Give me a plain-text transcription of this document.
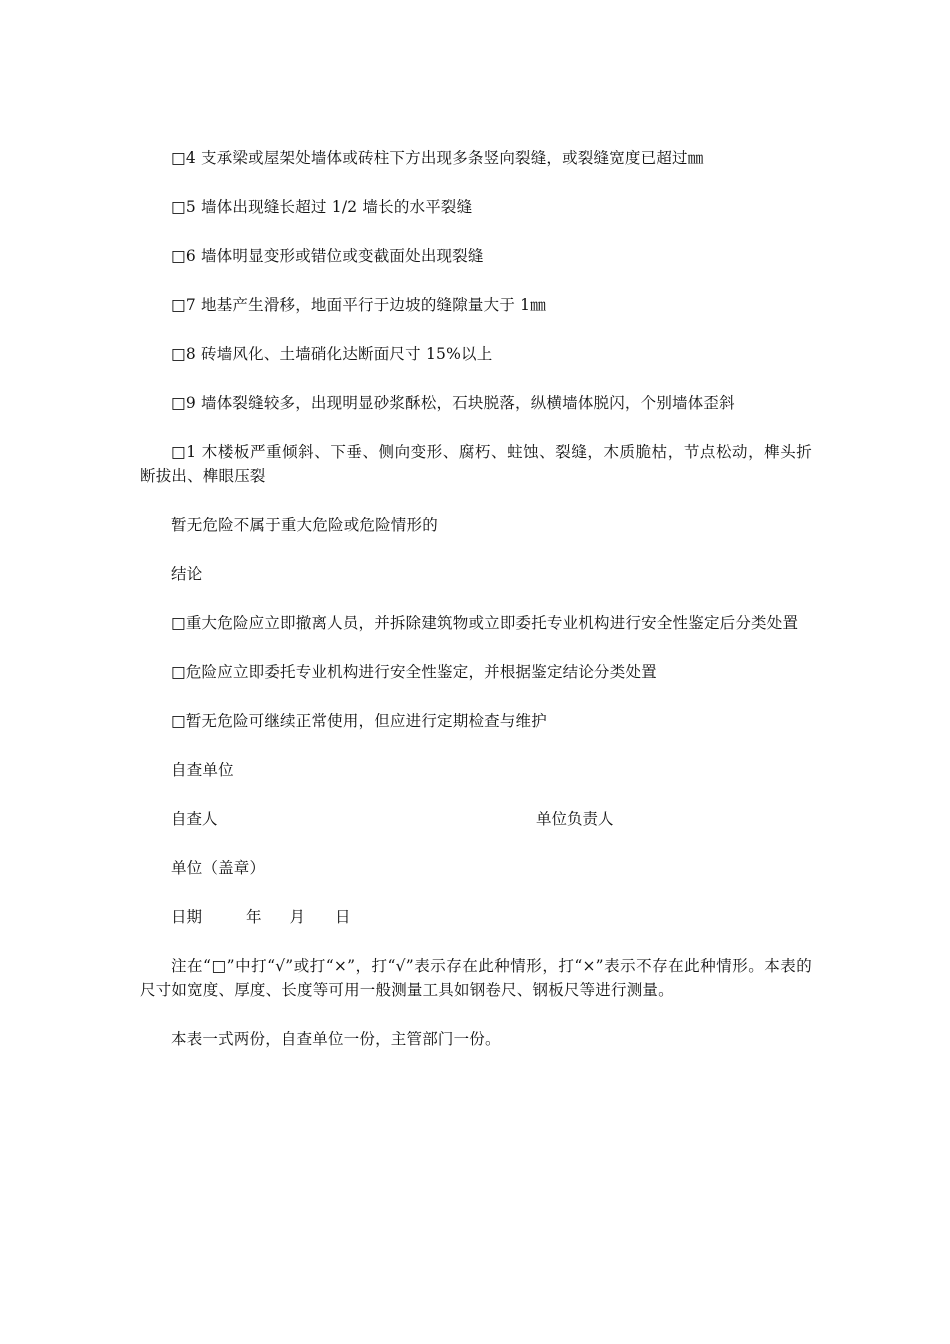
□4 支承梁或屋架处墙体或砖柱下方出现多条竖向裂缝，或裂缝宽度已超过㎜

□5 墙体出现缝长超过 1/2 墙长的水平裂缝

□6 墙体明显变形或错位或变截面处出现裂缝

□7 地基产生滑移，地面平行于边坡的缝隙量大于 1㎜

□8 砖墙风化、土墙硝化达断面尺寸 15%以上

□9 墙体裂缝较多，出现明显砂浆酥松，石块脱落，纵横墙体脱闪，个别墙体歪斜

□1 木楼板严重倾斜、下垂、侧向变形、腐朽、蛀蚀、裂缝，木质脆枯，节点松动，榫头折断拔出、榫眼压裂

暂无危险不属于重大危险或危险情形的

结论

□重大危险应立即撤离人员，并拆除建筑物或立即委托专业机构进行安全性鉴定后分类处置

□危险应立即委托专业机构进行安全性鉴定，并根据鉴定结论分类处置

□暂无危险可继续正常使用，但应进行定期检查与维护

自查单位

自查人	单位负责人

单位（盖章）

日期	年 月 日

注在“□”中打“√”或打“×”，打“√”表示存在此种情形，打“×”表示不存在此种情形。本表的尺寸如宽度、厚度、长度等可用一般测量工具如钢卷尺、钢板尺等进行测量。

本表一式两份，自查单位一份，主管部门一份。
